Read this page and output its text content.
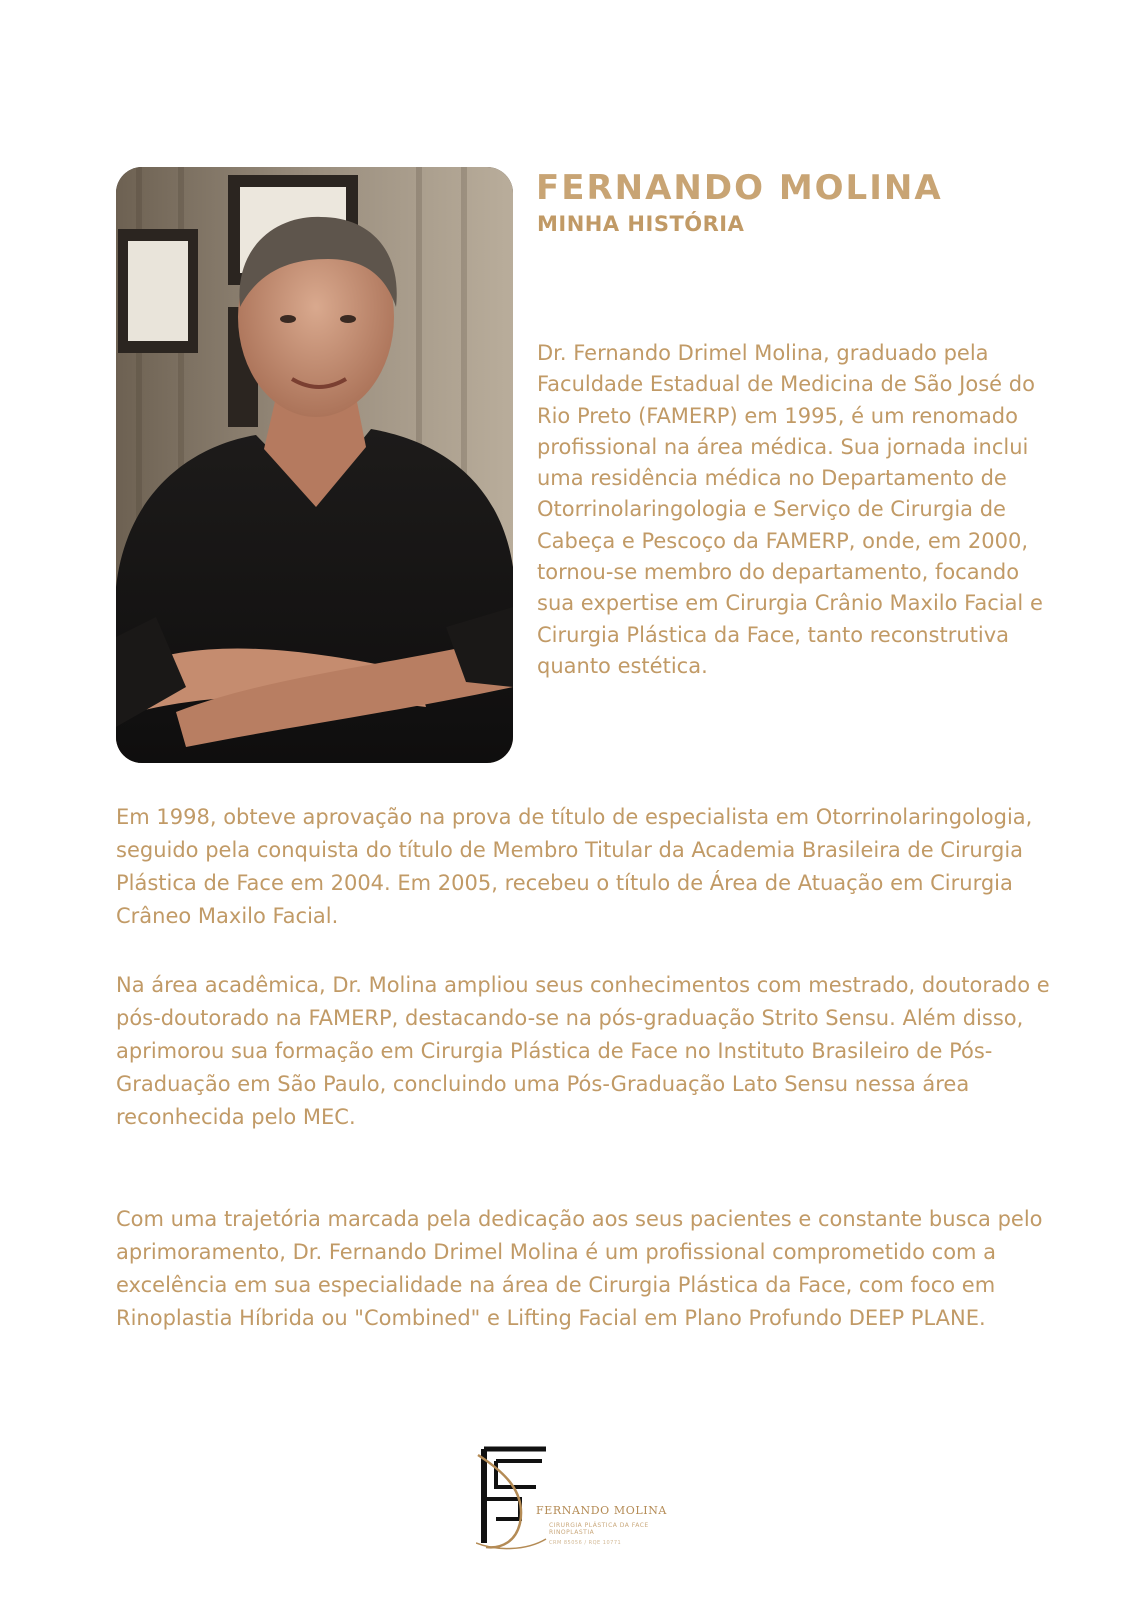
FERNANDO MOLINA
MINHA HISTÓRIA

Dr. Fernando Drimel Molina, graduado pela Faculdade Estadual de Medicina de São José do Rio Preto (FAMERP) em 1995, é um renomado profissional na área médica. Sua jornada inclui uma residência médica no Departamento de Otorrinolaringologia e Serviço de Cirurgia de Cabeça e Pescoço da FAMERP, onde, em 2000, tornou-se membro do departamento, focando sua expertise em Cirurgia Crânio Maxilo Facial e Cirurgia Plástica da Face, tanto reconstrutiva quanto estética.

Em 1998, obteve aprovação na prova de título de especialista em Otorrinolaringologia, seguido pela conquista do título de Membro Titular da Academia Brasileira de Cirurgia Plástica de Face em 2004. Em 2005, recebeu o título de Área de Atuação em Cirurgia Crâneo Maxilo Facial.

Na área acadêmica, Dr. Molina ampliou seus conhecimentos com mestrado, doutorado e pós-doutorado na FAMERP, destacando-se na pós-graduação Strito Sensu. Além disso, aprimorou sua formação em Cirurgia Plástica de Face no Instituto Brasileiro de Pós-Graduação em São Paulo, concluindo uma Pós-Graduação Lato Sensu nessa área reconhecida pelo MEC.

Com uma trajetória marcada pela dedicação aos seus pacientes e constante busca pelo aprimoramento, Dr. Fernando Drimel Molina é um profissional comprometido com a excelência em sua especialidade na área de Cirurgia Plástica da Face, com foco em Rinoplastia Híbrida ou "Combined" e Lifting Facial em Plano Profundo DEEP PLANE.

FERNANDO MOLINA
CIRURGIA PLÁSTICA DA FACE
RINOPLASTIA
CRM 85056 / RQE 10771
